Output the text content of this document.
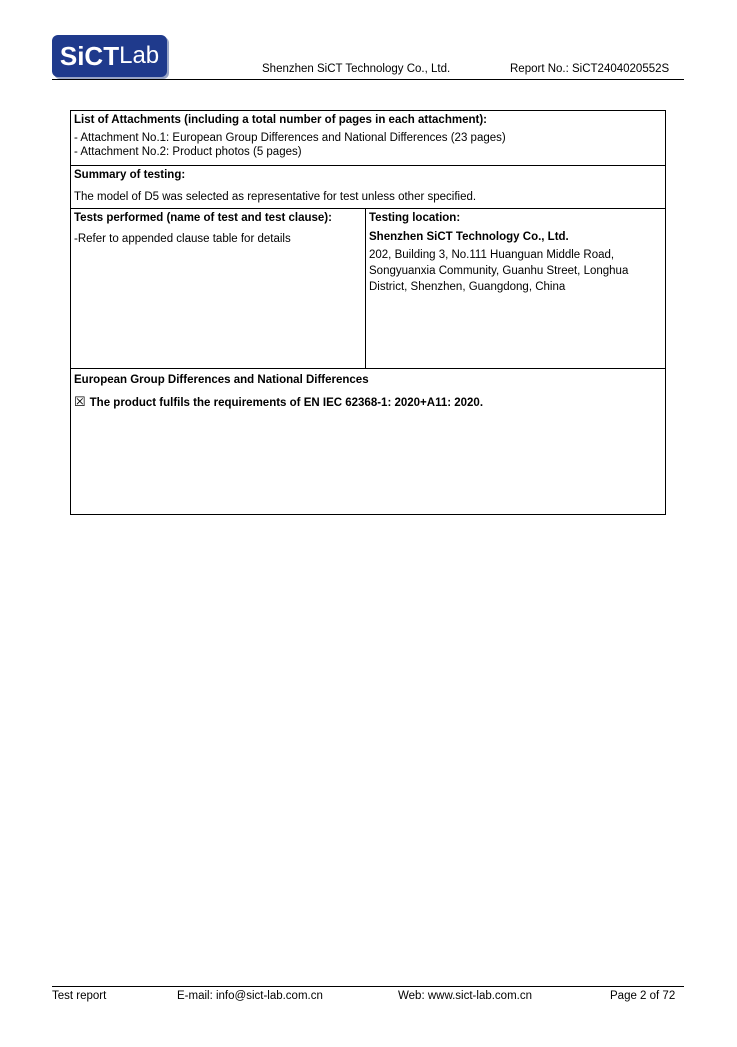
SiCT Lab	Shenzhen SiCT Technology Co., Ltd.	Report No.: SiCT2404020552S
List of Attachments (including a total number of pages in each attachment):
- Attachment No.1: European Group Differences and National Differences (23 pages)
- Attachment No.2: Product photos (5 pages)

Summary of testing:
The model of D5 was selected as representative for test unless other specified.

Tests performed (name of test and test clause):
-Refer to appended clause table for details

Testing location:
Shenzhen SiCT Technology Co., Ltd.
202, Building 3, No.111 Huanguan Middle Road,
Songyuanxia Community, Guanhu Street, Longhua
District, Shenzhen, Guangdong, China

European Group Differences and National Differences
☒ The product fulfils the requirements of EN IEC 62368-1: 2020+A11: 2020.
Test report	E-mail: info@sict-lab.com.cn	Web: www.sict-lab.com.cn	Page 2 of 72
